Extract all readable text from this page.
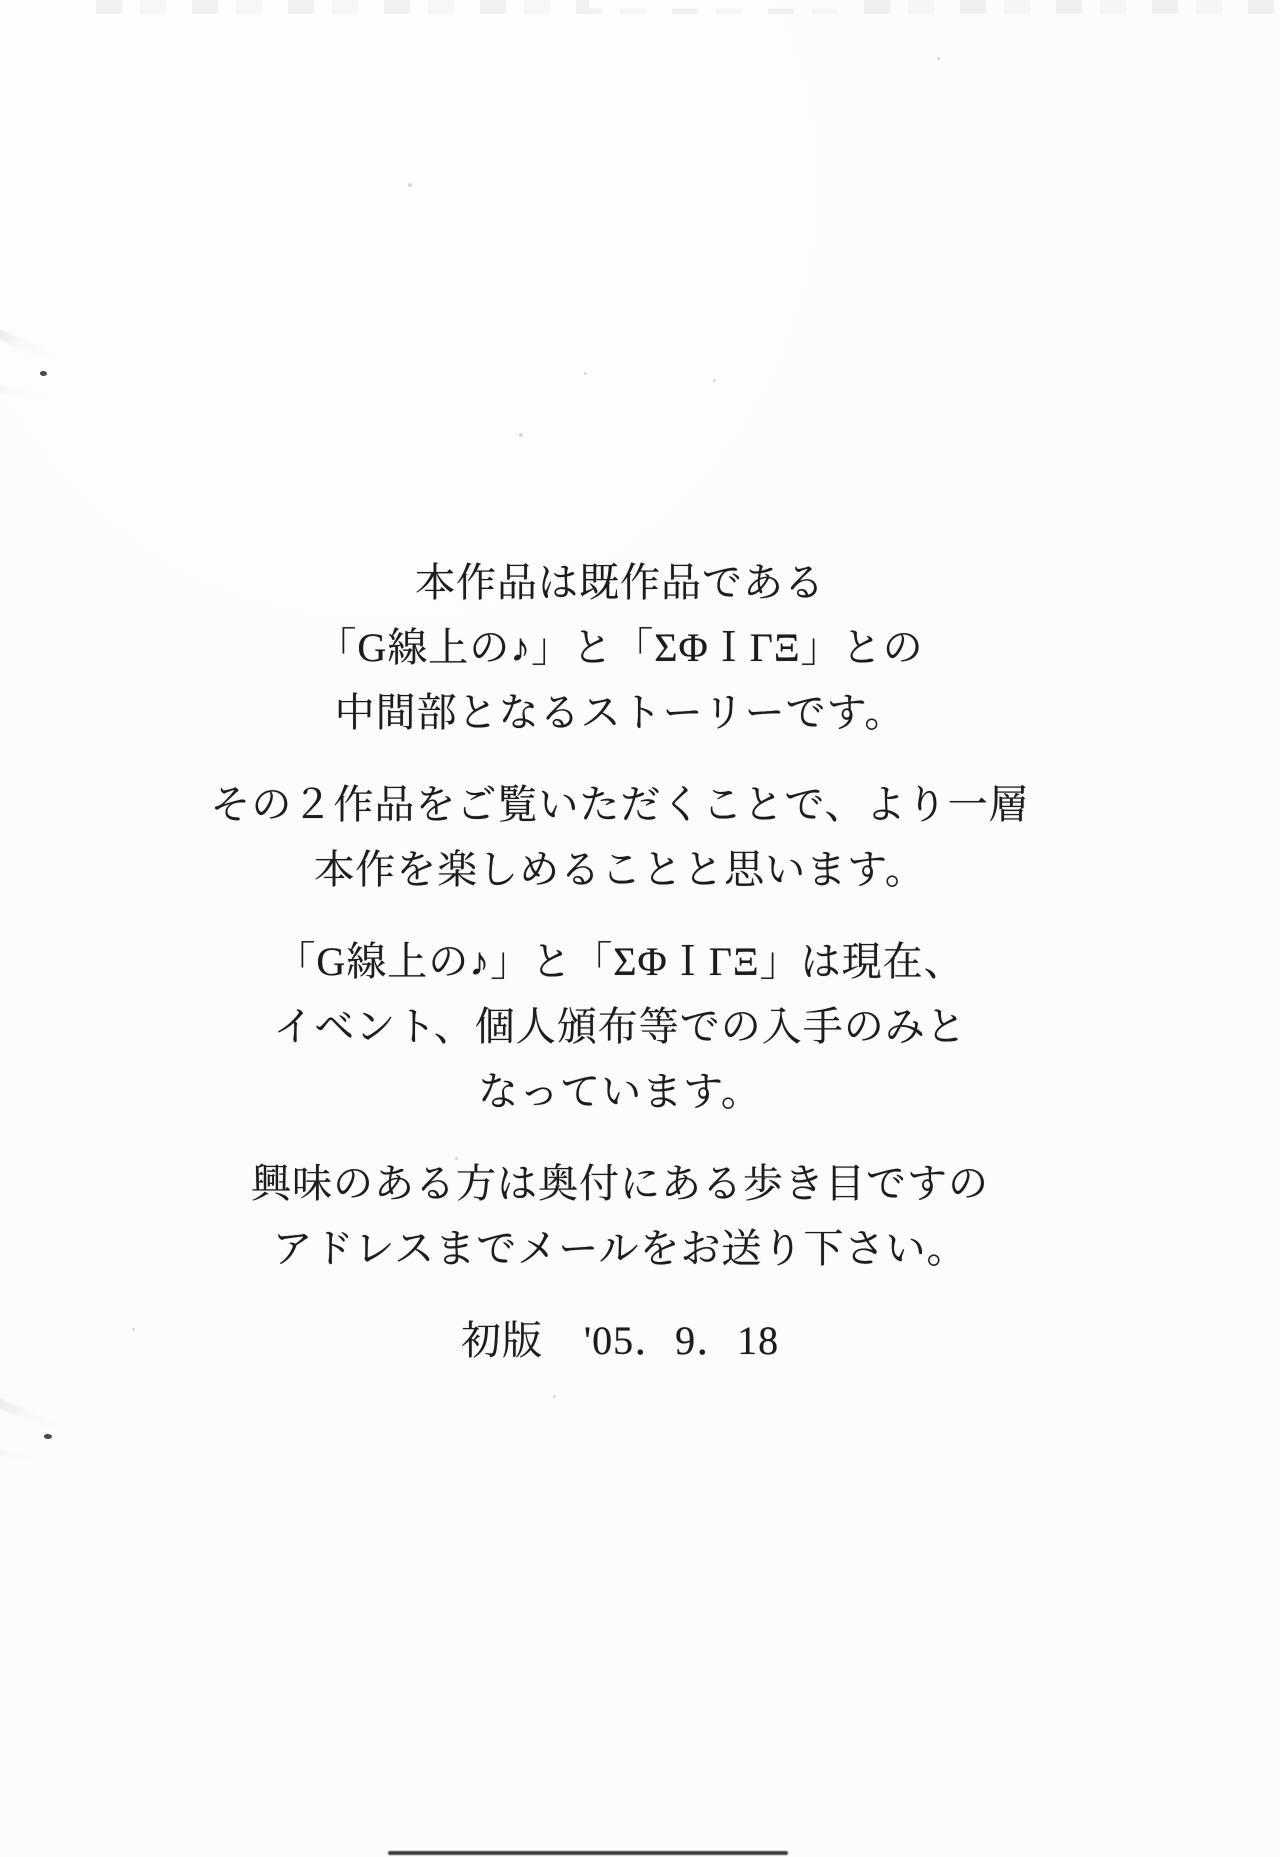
本作品は既作品である
「G線上の♪」と「ΣΦＩΓΞ」との
中間部となるストーリーです。

その２作品をご覧いただくことで、より一層
本作を楽しめることと思います。

「G線上の♪」と「ΣΦＩΓΞ」は現在、
イベント、個人頒布等での入手のみと
なっています。

興味のある方は奥付にある歩き目ですの
アドレスまでメールをお送り下さい。

初版　'05．9．18
